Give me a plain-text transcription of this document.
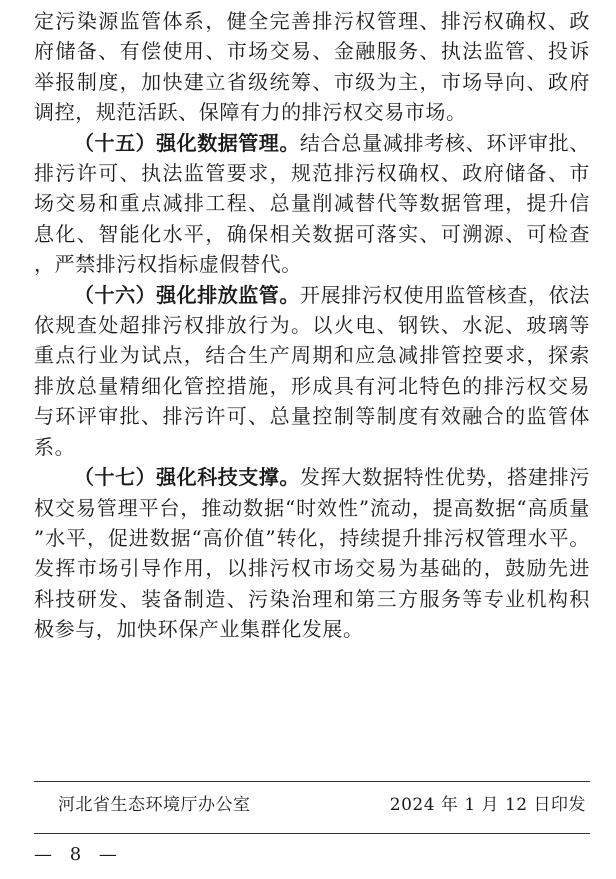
定污染源监管体系，健全完善排污权管理、排污权确权、政府储备、有偿使用、市场交易、金融服务、执法监管、投诉举报制度，加快建立省级统筹、市级为主，市场导向、政府调控，规范活跃、保障有力的排污权交易市场。

（十五）强化数据管理。结合总量减排考核、环评审批、排污许可、执法监管要求，规范排污权确权、政府储备、市场交易和重点减排工程、总量削减替代等数据管理，提升信息化、智能化水平，确保相关数据可落实、可溯源、可检查，严禁排污权指标虚假替代。

（十六）强化排放监管。开展排污权使用监管核查，依法依规查处超排污权排放行为。以火电、钢铁、水泥、玻璃等重点行业为试点，结合生产周期和应急减排管控要求，探索排放总量精细化管控措施，形成具有河北特色的排污权交易与环评审批、排污许可、总量控制等制度有效融合的监管体系。

（十七）强化科技支撑。发挥大数据特性优势，搭建排污权交易管理平台，推动数据“时效性”流动，提高数据“高质量”水平，促进数据“高价值”转化，持续提升排污权管理水平。发挥市场引导作用，以排污权市场交易为基础的，鼓励先进科技研发、装备制造、污染治理和第三方服务等专业机构积极参与，加快环保产业集群化发展。

河北省生态环境厅办公室	2024 年 1 月 12 日印发
— 8 —
